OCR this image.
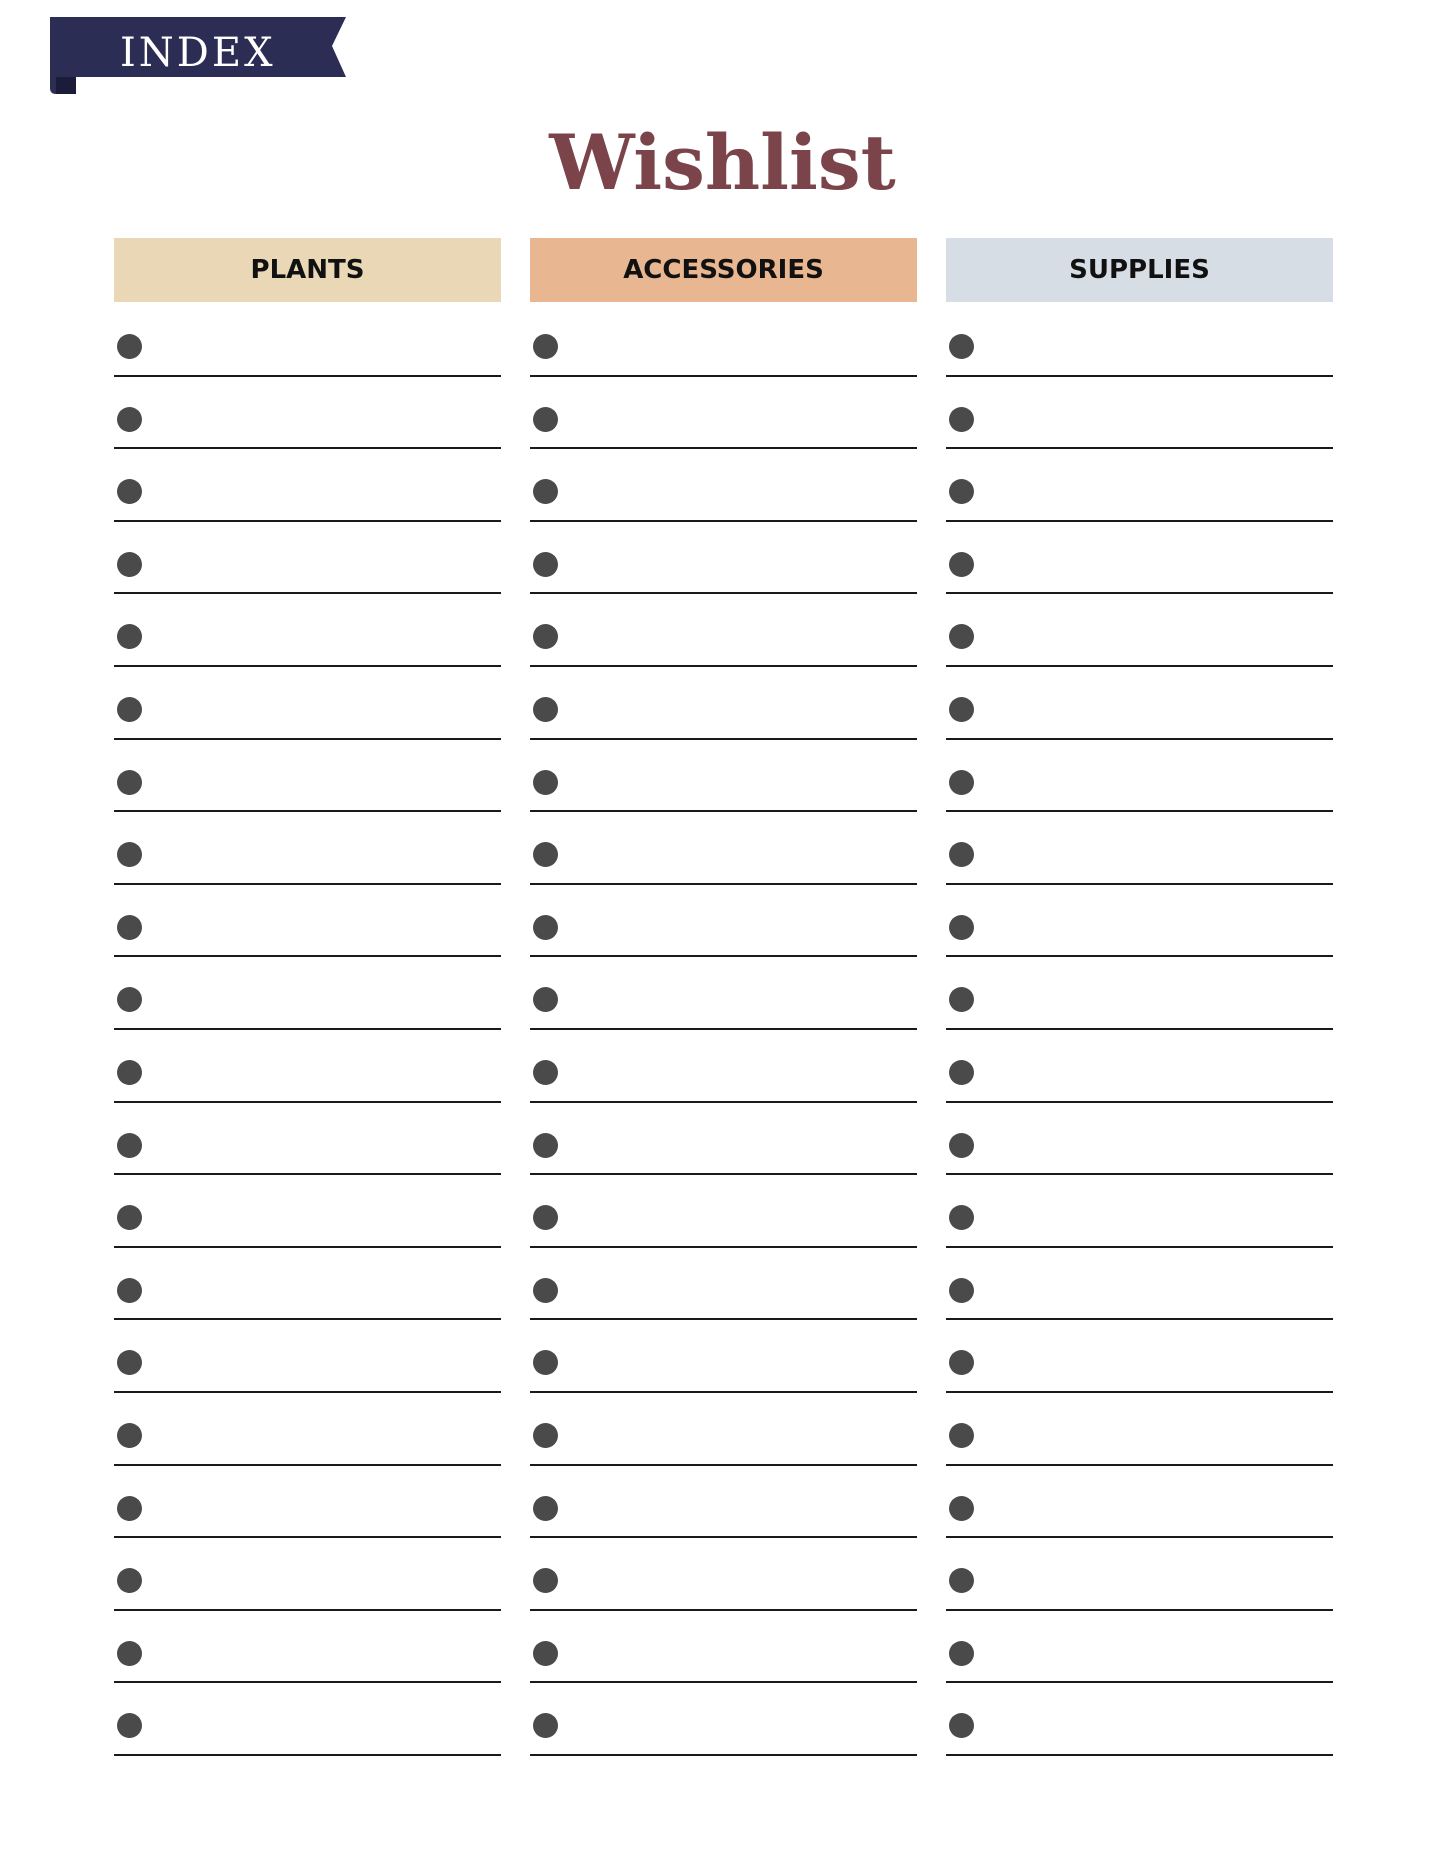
INDEX
Wishlist
PLANTS	ACCESSORIES	SUPPLIES
